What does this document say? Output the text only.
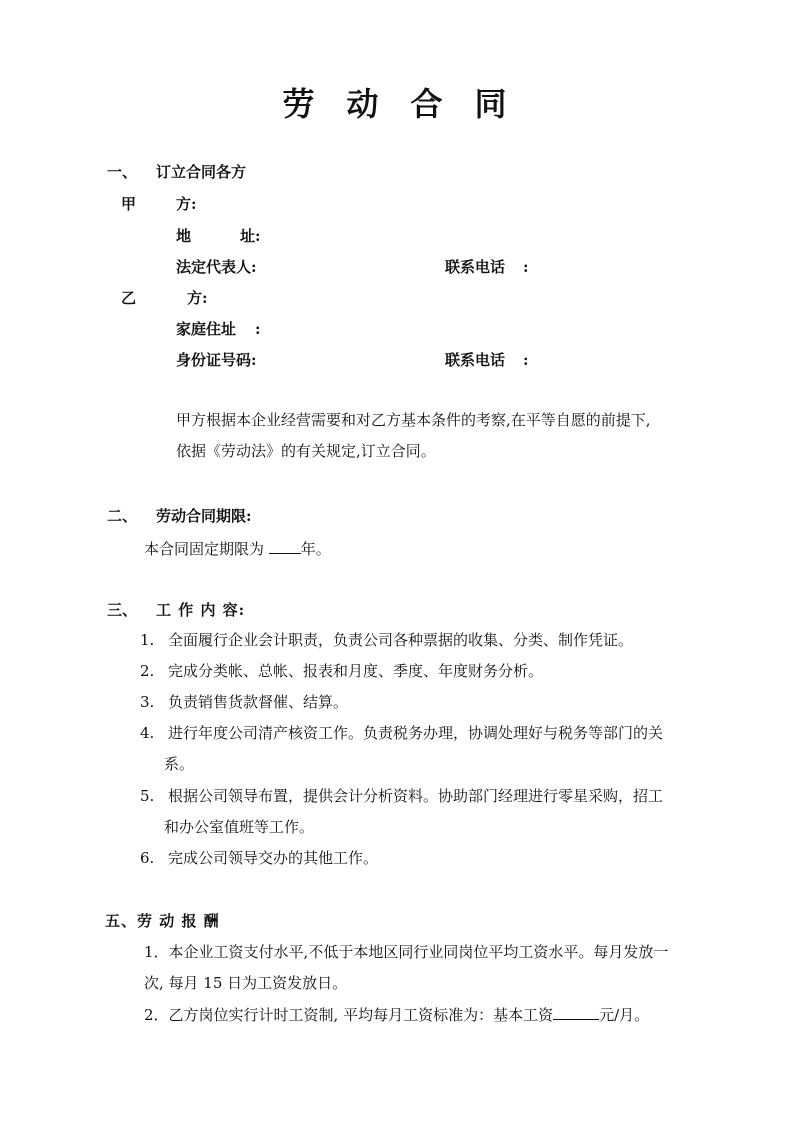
劳 动 合 同
一、 订立合同各方
甲	方:
地	址:
法定代表人:	联系电话 :
乙	方:
家庭住址 :
身份证号码:	联系电话 :
甲方根据本企业经营需要和对乙方基本条件的考察,在平等自愿的前提下,
依据《劳动法》的有关规定,订立合同。
二、 劳动合同期限:
本合同固定期限为 年。
三、 工 作 内 容:
1. 全面履行企业会计职责，负责公司各种票据的收集、分类、制作凭证。
2. 完成分类帐、总帐、报表和月度、季度、年度财务分析。
3. 负责销售货款督催、结算。
4. 进行年度公司清产核资工作。负责税务办理，协调处理好与税务等部门的关
系。
5. 根据公司领导布置，提供会计分析资料。协助部门经理进行零星采购，招工
和办公室值班等工作。
6. 完成公司领导交办的其他工作。
五、劳 动 报 酬
1．本企业工资支付水平,不低于本地区同行业同岗位平均工资水平。每月发放一
次, 每月 15 日为工资发放日。
2．乙方岗位实行计时工资制, 平均每月工资标准为：基本工资	元/月。
